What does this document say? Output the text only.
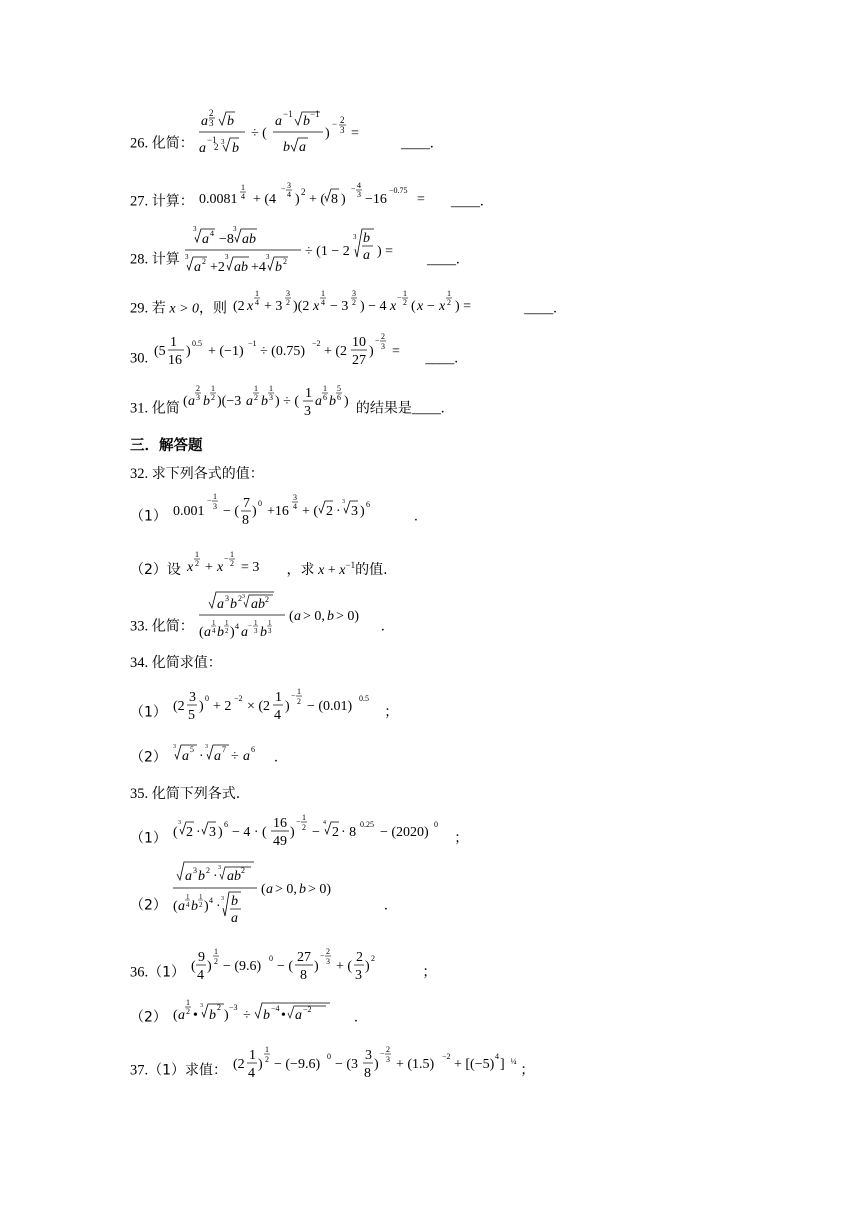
26. 化简：
a
2
3 b
a
−1
2 3 b
÷ (
a −1 b −1
b a
)
− 2
3 =
____.
27. 计算： 0.0081
1
4 + (4
− 3
4 ) 2 + ( 8 )
− 4
3 −16
−0.75
= ____.
28. 计算
3
a 4 −8
3
ab
3
a 2 +2
3
ab +4
3
b 2
÷ (1 − 2
3 b
a ) = ____.
29. 若 x > 0，则 (2 x
1
4 + 3
3
2 )(2 x
1
4 − 3
3
2 ) − 4 x
− 1
2 ( x − x
1
2 ) =	____.
30. (5
1
16
)
0.5
+ (−1)
−1
÷ (0.75)
−2
+ (2
10
27
)
− 2
3 = ____.
31. 化简 ( a
2
3 b
1
2 )(−3 a
1
2 b
1
3 ) ÷ (
1
3
a
1
6 b
5
6 ) 的结果是____.
三．解答题
32. 求下列各式的值：
（1） 0.001
− 1
3 − (
7
8
)
0
+16
3
4 + ( 2 ·
3
3 ) 6
.
（2）设 x
1
2 + x
− 1
2 = 3 ，求 $x + x^{-1}$的值.
33. 化简：
a 3 b 2 3 ab 2
( a
1
4 b
1
2 ) 4 a − 1
3 b
1
3
( a > 0, b > 0)
.
34. 化简求值：
（1） (2
3
5
)
0
+ 2
−2
× (2
1
4
)
− 1
2 − (0.01)
0.5
；
（2）
3
a 5 ·
3
a 7 ÷ a 6 .
35. 化简下列各式.
（1） (
3
2 · 3 )
6
− 4 · (
16
49
)
− 1
2 −
4
2 · 8
0.25
− (2020)
0
；
（2）
a 3 b 2 ·
3
ab 2
( a
1
4 b
1
2 ) 4 · 3 b
a
( a > 0, b > 0)
.
36.（1） (
9
4
)
1
2 − (9.6)
0
− (
27
8
)
− 2
3 + (
2
3
)
2
；
（2） ( a
1
2 •
3
b
2
)
−3
÷ b −4 • a −2	.
37.（1）求值： (2
1
4
)
1
2 − (−9.6)
0
− (3
3
8
)
− 2
3 + (1.5)
−2
+ [(−5)
4
] $^{\frac{1}{4}}$ ；
